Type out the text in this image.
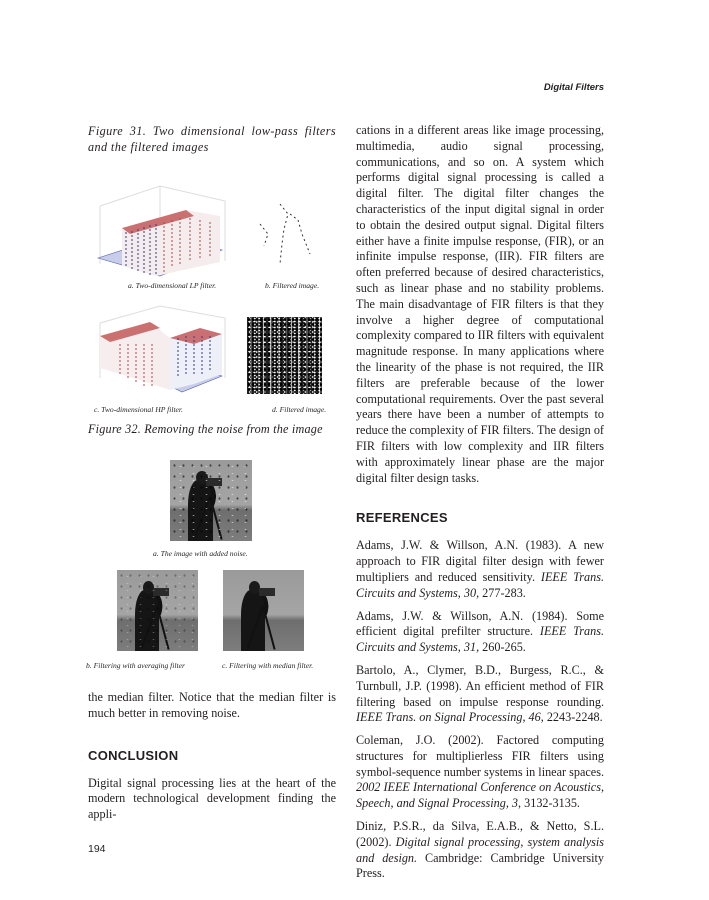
Digital Filters
Figure 31. Two dimensional low-pass filters and the filtered images
a. Two-dimensional LP filter.	b. Filtered image.
c. Two-dimensional HP filter.	d. Filtered image.
Figure 32. Removing the noise from the image
a. The image with added noise.
b. Filtering with averaging filter	c. Filtering with median filter.
the median filter. Notice that the median filter is much better in removing noise.
CONCLUSION
Digital signal processing lies at the heart of the modern technological development finding the appli-
194
cations in a different areas like image processing, multimedia, audio signal processing, communications, and so on. A system which performs digital signal processing is called a digital filter. The digital filter changes the characteristics of the input digital signal in order to obtain the desired output signal. Digital filters either have a finite impulse response, (FIR), or an infinite impulse response, (IIR). FIR filters are often preferred because of desired characteristics, such as linear phase and no stability problems. The main disadvantage of FIR filters is that they involve a higher degree of computational complexity compared to IIR filters with equivalent magnitude response. In many applications where the linearity of the phase is not required, the IIR filters are preferable because of the lower computational requirements. Over the past several years there have been a number of attempts to reduce the complexity of FIR filters. The design of FIR filters with low complexity and IIR filters with approximately linear phase are the major digital filter design tasks.
REFERENCES

Adams, J.W. & Willson, A.N. (1983). A new approach to FIR digital filter design with fewer multipliers and reduced sensitivity. IEEE Trans. Circuits and Systems, 30, 277-283.

Adams, J.W. & Willson, A.N. (1984). Some efficient digital prefilter structure. IEEE Trans. Circuits and Systems, 31, 260-265.

Bartolo, A., Clymer, B.D., Burgess, R.C., & Turnbull, J.P. (1998). An efficient method of FIR filtering based on impulse response rounding. IEEE Trans. on Signal Processing, 46, 2243-2248.

Coleman, J.O. (2002). Factored computing structures for multiplierless FIR filters using symbol-sequence number systems in linear spaces. 2002 IEEE International Conference on Acoustics, Speech, and Signal Processing, 3, 3132-3135.

Diniz, P.S.R., da Silva, E.A.B., & Netto, S.L. (2002). Digital signal processing, system analysis and design. Cambridge: Cambridge University Press.
